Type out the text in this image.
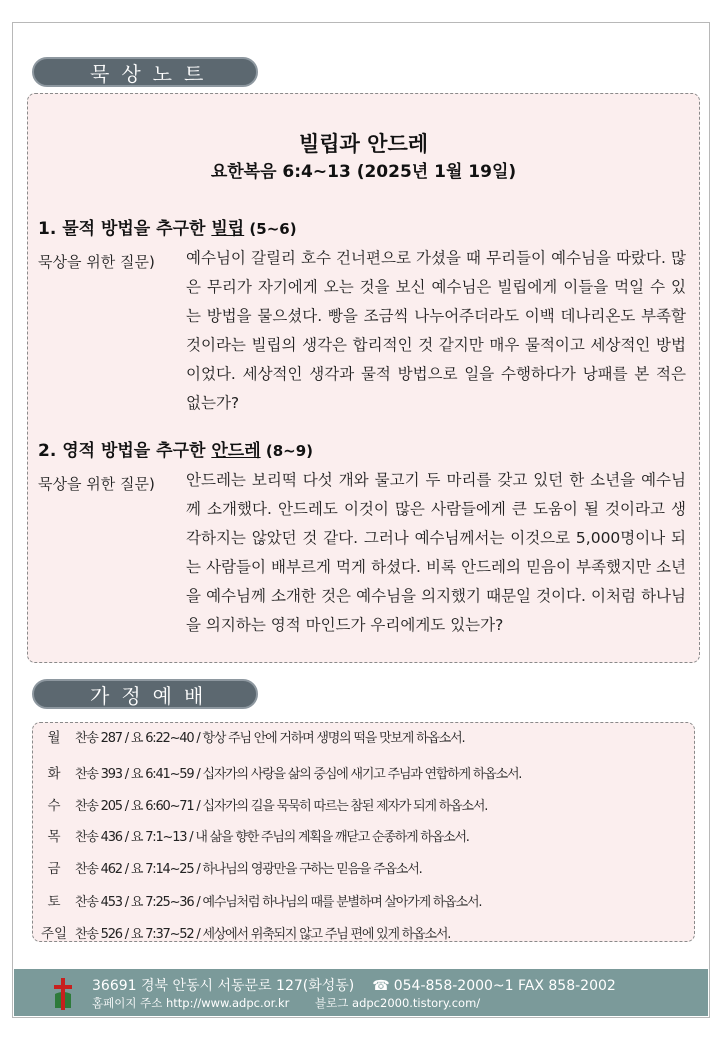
묵상노트
빌립과 안드레
요한복음 6:4~13 (2025년 1월 19일)
1. 물적 방법을 추구한 빌립 (5~6)
묵상을 위한 질문) 예수님이 갈릴리 호수 건너편으로 가셨을 때 무리들이 예수님을 따랐다. 많은 무리가 자기에게 오는 것을 보신 예수님은 빌립에게 이들을 먹일 수 있는 방법을 물으셨다. 빵을 조금씩 나누어주더라도 이백 데나리온도 부족할 것이라는 빌립의 생각은 합리적인 것 같지만 매우 물적이고 세상적인 방법이었다. 세상적인 생각과 물적 방법으로 일을 수행하다가 낭패를 본 적은 없는가?
2. 영적 방법을 추구한 안드레 (8~9)
묵상을 위한 질문) 안드레는 보리떡 다섯 개와 물고기 두 마리를 갖고 있던 한 소년을 예수님께 소개했다. 안드레도 이것이 많은 사람들에게 큰 도움이 될 것이라고 생각하지는 않았던 것 같다. 그러나 예수님께서는 이것으로 5,000명이나 되는 사람들이 배부르게 먹게 하셨다. 비록 안드레의 믿음이 부족했지만 소년을 예수님께 소개한 것은 예수님을 의지했기 때문일 것이다. 이처럼 하나님을 의지하는 영적 마인드가 우리에게도 있는가?
가정예배
월	찬송 287 / 요 6:22~40 / 항상 주님 안에 거하며 생명의 떡을 맛보게 하옵소서.
화	찬송 393 / 요 6:41~59 / 십자가의 사랑을 삶의 중심에 새기고 주님과 연합하게 하옵소서.
수	찬송 205 / 요 6:60~71 / 십자가의 길을 묵묵히 따르는 참된 제자가 되게 하옵소서.
목	찬송 436 / 요 7:1~13 / 내 삶을 향한 주님의 계획을 깨닫고 순종하게 하옵소서.
금	찬송 462 / 요 7:14~25 / 하나님의 영광만을 구하는 믿음을 주옵소서.
토	찬송 453 / 요 7:25~36 / 예수님처럼 하나님의 때를 분별하며 살아가게 하옵소서.
주일 찬송 526 / 요 7:37~52 / 세상에서 위축되지 않고 주님 편에 있게 하옵소서.
36691 경북 안동시 서동문로 127(화성동) ☎ 054-858-2000~1 FAX 858-2002
홈페이지 주소 http://www.adpc.or.kr 블로그 adpc2000.tistory.com/
